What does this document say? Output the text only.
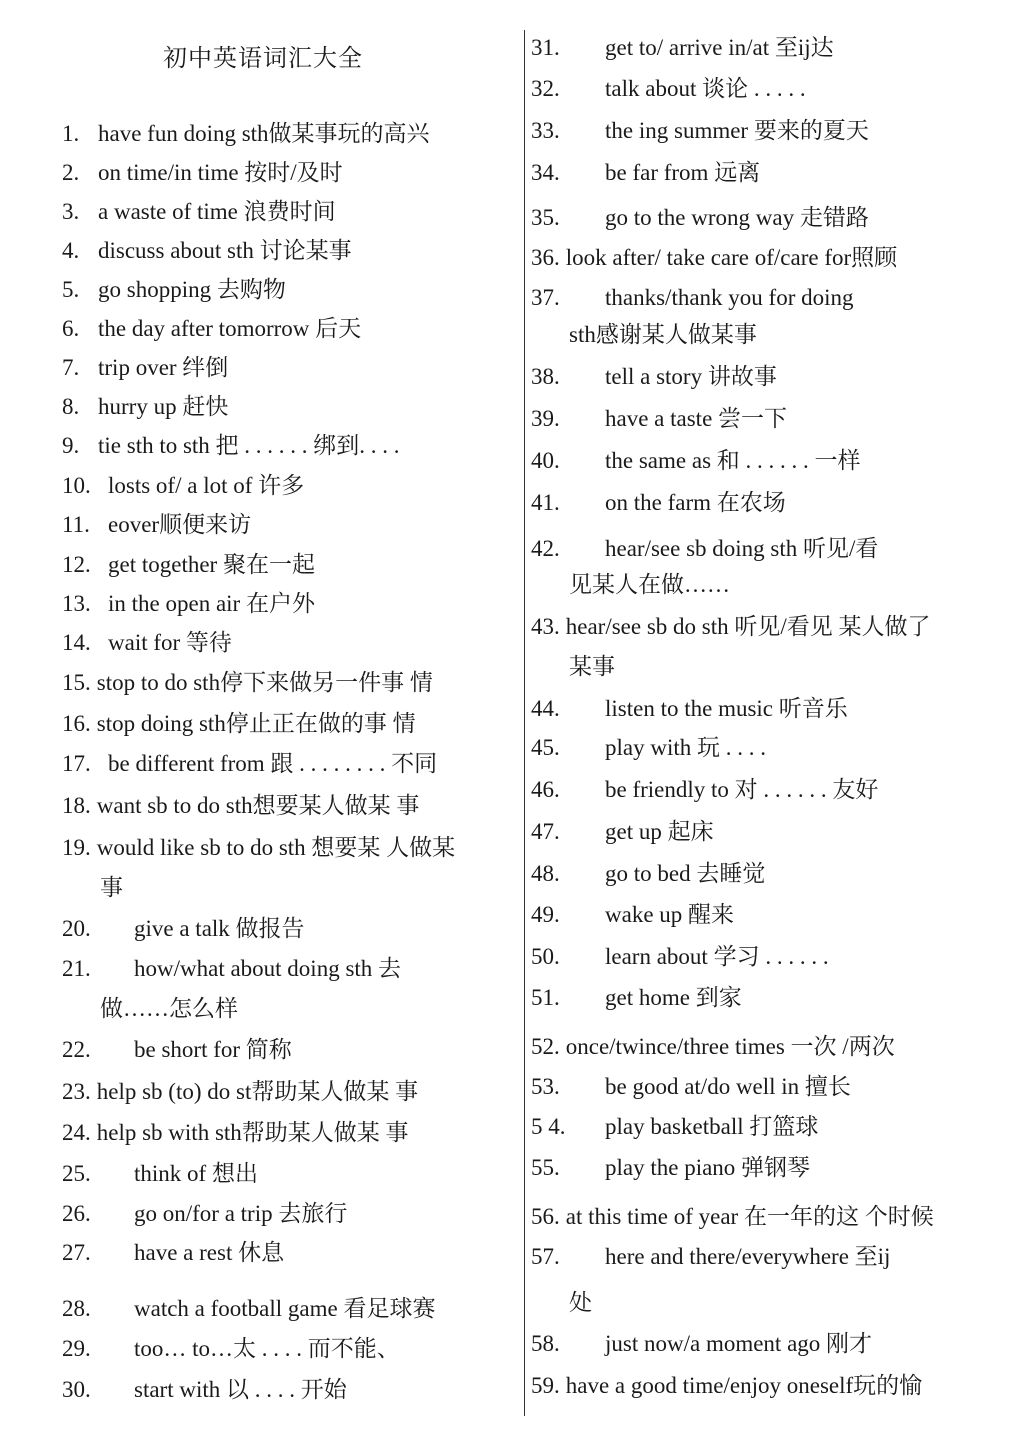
初中英语词汇大全
1. have fun doing sth做某事玩的高兴
2. on time/in time 按时/及时
3. a waste of time 浪费时间
4. discuss about sth 讨论某事
5. go shopping 去购物
6. the day after tomorrow 后天
7. trip over 绊倒
8. hurry up 赶快
9. tie sth to sth 把 . . . . . . 绑到. . . .
10. losts of/ a lot of 许多
11. eover顺便来访
12. get together 聚在一起
13. in the open air 在户外
14. wait for 等待
15. stop to do sth停下来做另一件事 情
16. stop doing sth停止正在做的事 情
17. be different from 跟 . . . . . . . . 不同
18. want sb to do sth想要某人做某 事
19. would like sb to do sth 想要某 人做某
事
20. give a talk 做报告
21. how/what about doing sth 去
做……怎么样
22. be short for 简称
23. help sb (to) do st帮助某人做某 事
24. help sb with sth帮助某人做某 事
25. think of 想出
26. go on/for a trip 去旅行
27. have a rest 休息
28. watch a football game 看足球赛
29. too… to…太 . . . . 而不能、
30. start with 以 . . . . 开始
31. get to/ arrive in/at 至ij达
32. talk about 谈论 . . . . .
33. the ing summer 要来的夏天
34. be far from 远离
35. go to the wrong way 走错路
36. look after/ take care of/care for照顾
37. thanks/thank you for doing
sth感谢某人做某事
38. tell a story 讲故事
39. have a taste 尝一下
40. the same as 和 . . . . . . 一样
41. on the farm 在农场
42. hear/see sb doing sth 听见/看
见某人在做……
43. hear/see sb do sth 听见/看见 某人做了
某事
44. listen to the music 听音乐
45. play with 玩 . . . .
46. be friendly to 对 . . . . . . 友好
47. get up 起床
48. go to bed 去睡觉
49. wake up 醒来
50. learn about 学习 . . . . . .
51. get home 到家
52. once/twince/three times 一次 /两次
53. be good at/do well in 擅长
5 4. play basketball 打篮球
55. play the piano 弹钢琴
56. at this time of year 在一年的这 个时候
57. here and there/everywhere 至ij
处
58. just now/a moment ago 刚才
59. have a good time/enjoy oneself玩的愉
